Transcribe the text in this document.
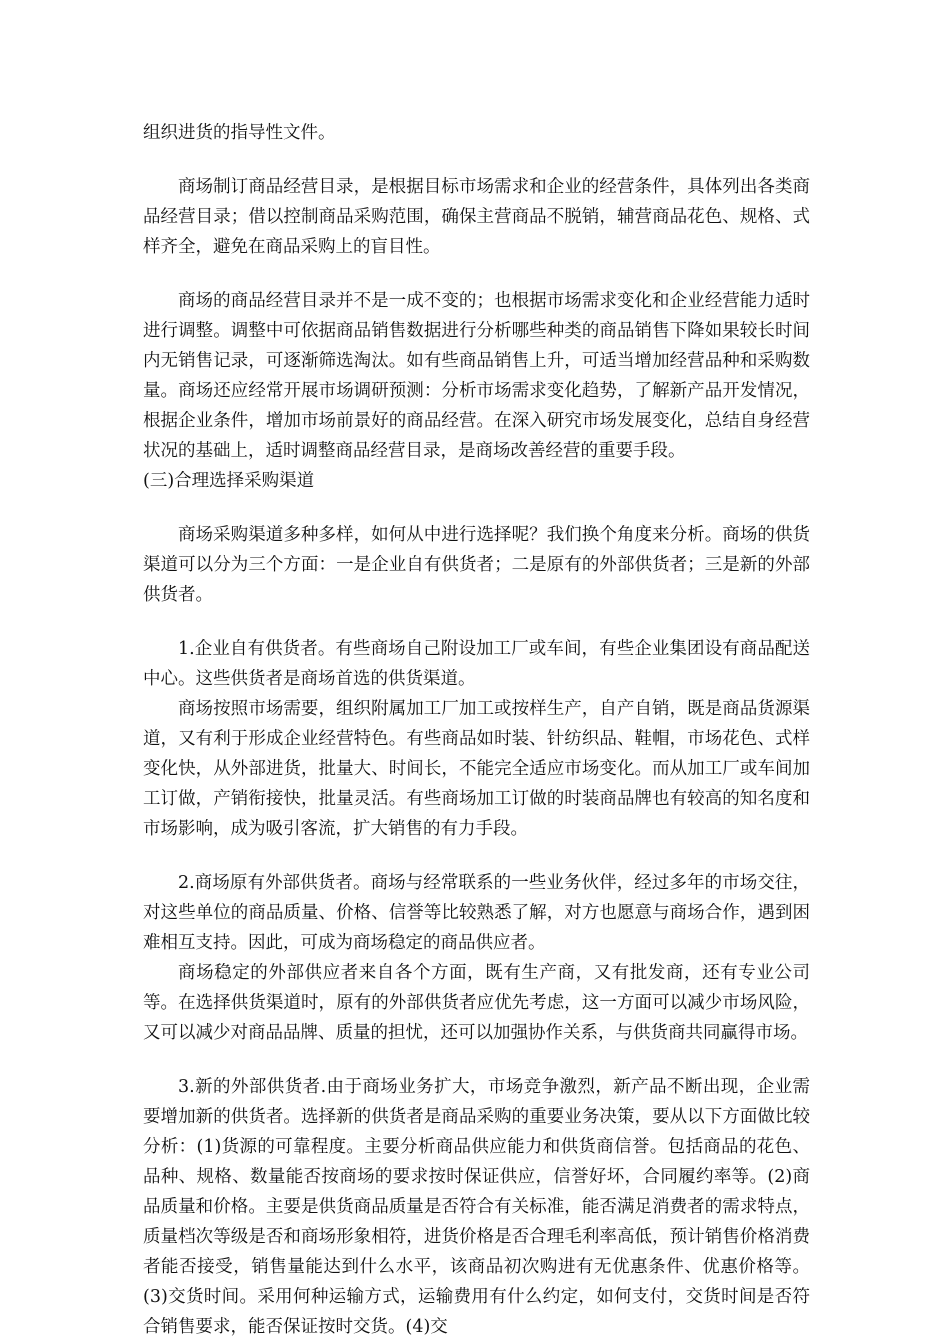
组织进货的指导性文件。

商场制订商品经营目录，是根据目标市场需求和企业的经营条件，具体列出各类商品经营目录；借以控制商品采购范围，确保主营商品不脱销，辅营商品花色、规格、式样齐全，避免在商品采购上的盲目性。

商场的商品经营目录并不是一成不变的；也根据市场需求变化和企业经营能力适时进行调整。调整中可依据商品销售数据进行分析哪些种类的商品销售下降如果较长时间内无销售记录，可逐渐筛选淘汰。如有些商品销售上升，可适当增加经营品种和采购数量。商场还应经常开展市场调研预测：分析市场需求变化趋势，了解新产品开发情况，根据企业条件，增加市场前景好的商品经营。在深入研究市场发展变化，总结自身经营状况的基础上，适时调整商品经营目录，是商场改善经营的重要手段。

(三)合理选择采购渠道

商场采购渠道多种多样，如何从中进行选择呢？我们换个角度来分析。商场的供货渠道可以分为三个方面：一是企业自有供货者；二是原有的外部供货者；三是新的外部供货者。

1.企业自有供货者。有些商场自己附设加工厂或车间，有些企业集团设有商品配送中心。这些供货者是商场首选的供货渠道。

商场按照市场需要，组织附属加工厂加工或按样生产，自产自销，既是商品货源渠道，又有利于形成企业经营特色。有些商品如时装、针纺织品、鞋帽，市场花色、式样变化快，从外部进货，批量大、时间长，不能完全适应市场变化。而从加工厂或车间加工订做，产销衔接快，批量灵活。有些商场加工订做的时装商品牌也有较高的知名度和市场影响，成为吸引客流，扩大销售的有力手段。

2.商场原有外部供货者。商场与经常联系的一些业务伙伴，经过多年的市场交往，对这些单位的商品质量、价格、信誉等比较熟悉了解，对方也愿意与商场合作，遇到困难相互支持。因此，可成为商场稳定的商品供应者。

商场稳定的外部供应者来自各个方面，既有生产商，又有批发商，还有专业公司等。在选择供货渠道时，原有的外部供货者应优先考虑，这一方面可以减少市场风险，又可以减少对商品品牌、质量的担忧，还可以加强协作关系，与供货商共同赢得市场。

3.新的外部供货者.由于商场业务扩大，市场竞争激烈，新产品不断出现，企业需要增加新的供货者。选择新的供货者是商品采购的重要业务决策，要从以下方面做比较分析：(1)货源的可靠程度。主要分析商品供应能力和供货商信誉。包括商品的花色、品种、规格、数量能否按商场的要求按时保证供应，信誉好坏，合同履约率等。(2)商品质量和价格。主要是供货商品质量是否符合有关标准，能否满足消费者的需求特点，质量档次等级是否和商场形象相符，进货价格是否合理毛利率高低，预计销售价格消费者能否接受，销售量能达到什么水平，该商品初次购进有无优惠条件、优惠价格等。(3)交货时间。采用何种运输方式，运输费用有什么约定，如何支付，交货时间是否符合销售要求，能否保证按时交货。(4)交
